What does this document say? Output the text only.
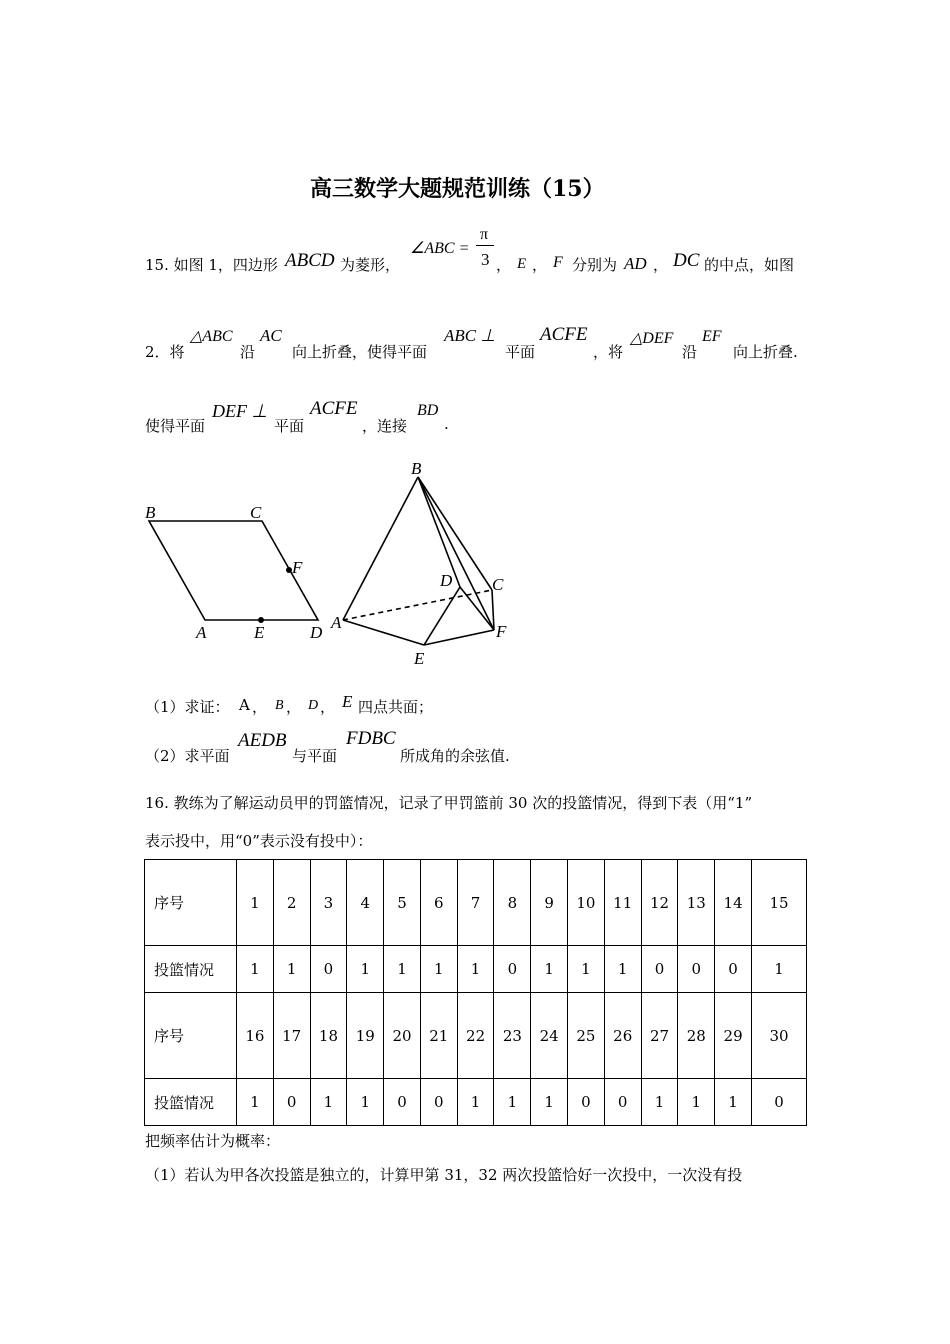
高三数学大题规范训练（15）
15. 如图 1，四边形 ABCD 为菱形，
∠ABC =
π
3 ， E ， F 分别为 AD ， DC 的中点，如图
2．将
△ABC
沿
AC
向上折叠，使得平面
ABC ⊥
平面
ACFE
，将
△DEF
沿
EF
向上折叠.
使得平面
DEF ⊥
平面
ACFE
，连接
BD
.
B	C
F
A	E	D
B
D C
A	F
E
（1）求证： A ， B ， D ， E 四点共面；
（2）求平面
AEDB
与平面
FDBC
所成角的余弦值.
16. 教练为了解运动员甲的罚篮情况，记录了甲罚篮前 30 次的投篮情况，得到下表（用“1”
表示投中，用“0”表示没有投中）：
序号	1	2	3	4	5	6	7	8	9	10	11	12	13	14	15
投篮情况	1	1	0	1	1	1	1	0	1	1	1	0	0	0	1
序号	16	17	18	19	20	21	22	23	24	25	26	27	28	29	30
投篮情况	1	0	1	1	0	0	1	1	1	0	0	1	1	1	0
把频率估计为概率：
（1）若认为甲各次投篮是独立的，计算甲第 31，32 两次投篮恰好一次投中，一次没有投
